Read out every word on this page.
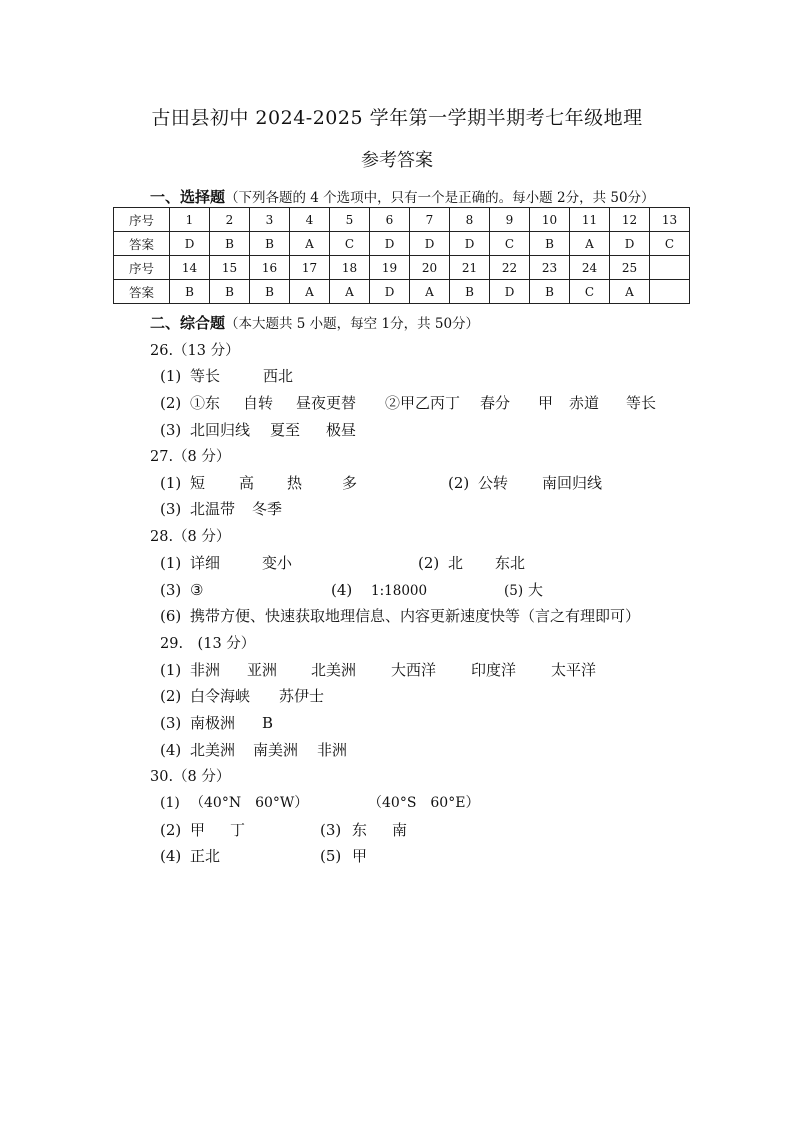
古田县初中 2024-2025 学年第一学期半期考七年级地理
参考答案
一、选择题（下列各题的 4 个选项中，只有一个是正确的。每小题 2分，共 50分）
序号	1	2	3	4	5	6	7	8	9	10	11	12	13
答案	D	B	B	A	C	D	D	D	C	B	A	D	C
序号	14	15	16	17	18	19	20	21	22	23	24	25	
答案	B	B	B	A	A	D	A	B	D	B	C	A	
二、综合题（本大题共 5 小题，每空 1分，共 50分）
26.（13 分）
(1) 等长	西北
(2) ①东 自转 昼夜更替 ②甲乙丙丁 春分 甲 赤道 等长
(3) 北回归线 夏至 极昼
27.（8 分）
(1) 短 高 热	多	(2) 公转 南回归线
(3) 北温带 冬季
28.（8 分）
(1) 详细	变小	(2) 北 东北
(3) ③	(4) 1:18000	(5) 大
(6) 携带方便、快速获取地理信息、内容更新速度快等（言之有理即可）
29.　(13 分）
(1) 非洲 亚洲 北美洲 大西洋 印度洋 太平洋
(2) 白令海峡 苏伊士
(3) 南极洲 B
(4) 北美洲 南美洲 非洲
30.（8 分）
(1) （40°N　60°W）	（40°S　60°E）
(2) 甲 丁	(3) 东 南
(4) 正北	(5) 甲
